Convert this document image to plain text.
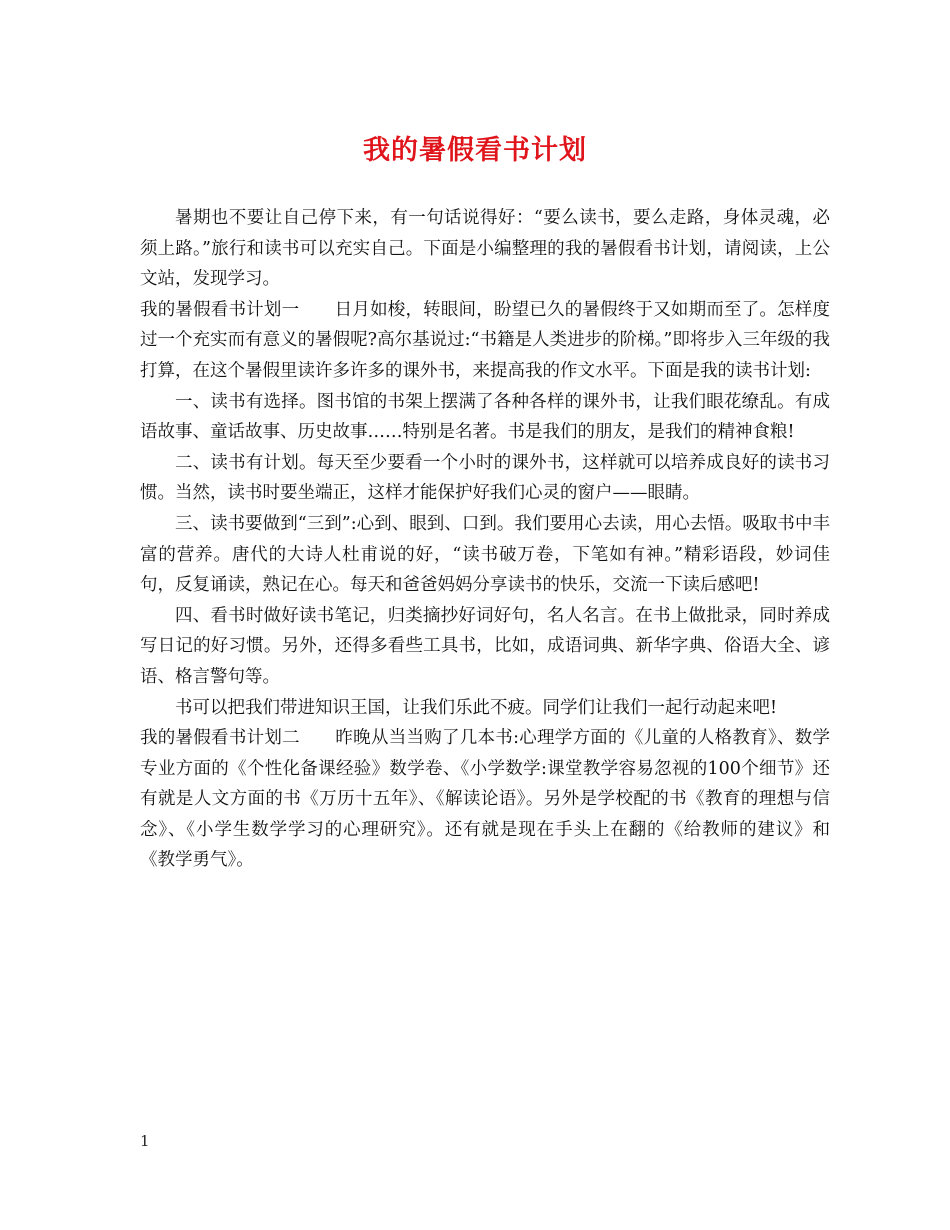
我的暑假看书计划

暑期也不要让自己停下来，有一句话说得好：“要么读书，要么走路，身体灵魂，必须上路。”旅行和读书可以充实自己。下面是小编整理的我的暑假看书计划，请阅读，上公文站，发现学习。

我的暑假看书计划一　　日月如梭，转眼间，盼望已久的暑假终于又如期而至了。怎样度过一个充实而有意义的暑假呢?高尔基说过:“书籍是人类进步的阶梯。”即将步入三年级的我打算，在这个暑假里读许多许多的课外书，来提高我的作文水平。下面是我的读书计划:

一、读书有选择。图书馆的书架上摆满了各种各样的课外书，让我们眼花缭乱。有成语故事、童话故事、历史故事……特别是名著。书是我们的朋友，是我们的精神食粮!

二、读书有计划。每天至少要看一个小时的课外书，这样就可以培养成良好的读书习惯。当然，读书时要坐端正，这样才能保护好我们心灵的窗户——眼睛。

三、读书要做到“三到”:心到、眼到、口到。我们要用心去读，用心去悟。吸取书中丰富的营养。唐代的大诗人杜甫说的好，“读书破万卷，下笔如有神。”精彩语段，妙词佳句，反复诵读，熟记在心。每天和爸爸妈妈分享读书的快乐，交流一下读后感吧!

四、看书时做好读书笔记，归类摘抄好词好句，名人名言。在书上做批录，同时养成写日记的好习惯。另外，还得多看些工具书，比如，成语词典、新华字典、俗语大全、谚语、格言警句等。

书可以把我们带进知识王国，让我们乐此不疲。同学们让我们一起行动起来吧!

我的暑假看书计划二　　昨晚从当当购了几本书:心理学方面的《儿童的人格教育》、数学专业方面的《个性化备课经验》数学卷、《小学数学:课堂教学容易忽视的100个细节》还有就是人文方面的书《万历十五年》、《解读论语》。另外是学校配的书《教育的理想与信念》、《小学生数学学习的心理研究》。还有就是现在手头上在翻的《给教师的建议》和《教学勇气》。

1
